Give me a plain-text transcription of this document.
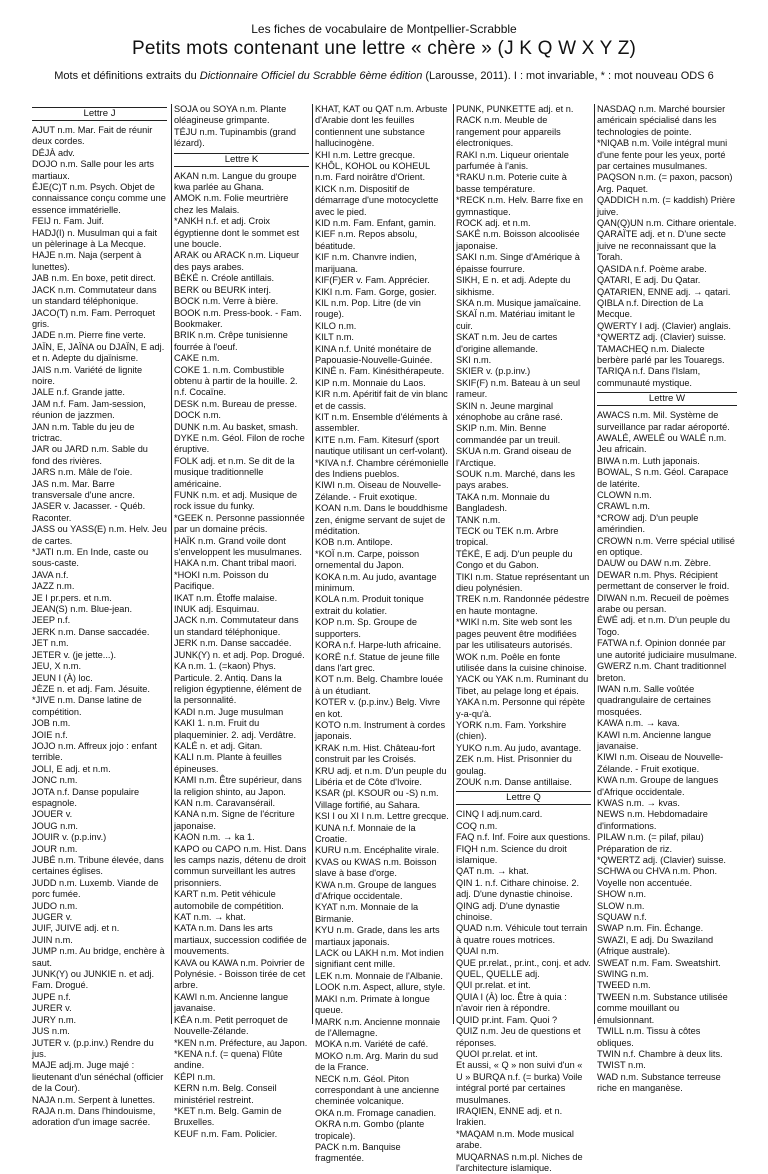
Les fiches de vocabulaire de Montpellier-Scrabble
Petits mots contenant une lettre « chère » (J K Q W X Y Z)
Mots et définitions extraits du Dictionnaire Officiel du Scrabble 6ème édition (Larousse, 2011). I : mot invariable, * : mot nouveau ODS 6
Lettre J
AJUT n.m. Mar. Fait de réunir deux cordes.
DÉJÀ adv.
DOJO n.m. Salle pour les arts martiaux.
ÉJE(C)T n.m. Psych. Objet de connaissance conçu comme une essence immatérielle.
FEIJ n. Fam. Juif.
HADJ(I) n. Musulman qui a fait un pèlerinage à La Mecque.
HAJE n.m. Naja (serpent à lunettes).
JAB n.m. En boxe, petit direct.
JACK n.m. Commutateur dans un standard téléphonique.
JACO(T) n.m. Fam. Perroquet gris.
JADE n.m. Pierre fine verte.
JAÏN, E, JAÏNA ou DJAÏN, E adj. et n. Adepte du djaïnisme.
JAIS n.m. Variété de lignite noire.
JALE n.f. Grande jatte.
JAM n.f. Fam. Jam-session, réunion de jazzmen.
JAN n.m. Table du jeu de trictrac.
JAR ou JARD n.m. Sable du fond des rivières.
JARS n.m. Mâle de l'oie.
JAS n.m. Mar. Barre transversale d'une ancre.
JASER v. Jacasser. - Québ. Raconter.
JASS ou YASS(E) n.m. Helv. Jeu de cartes.
*JATI n.m. En Inde, caste ou sous-caste.
JAVA n.f.
JAZZ n.m.
JE I pr.pers. et n.m.
JEAN(S) n.m. Blue-jean.
JEEP n.f.
JERK n.m. Danse saccadée.
JET n.m.
JETER v. (je jette...).
JEU, X n.m.
JEUN I (À) loc.
JÈZE n. et adj. Fam. Jésuite.
*JIVE n.m. Danse latine de compétition.
JOB n.m.
JOIE n.f.
JOJO n.m. Affreux jojo : enfant terrible.
JOLI, E adj. et n.m.
JONC n.m.
JOTA n.f. Danse populaire espagnole.
JOUER v.
JOUG n.m.
JOUIR v. (p.p.inv.)
JOUR n.m.
JUBÉ n.m. Tribune élevée, dans certaines églises.
JUDD n.m. Luxemb. Viande de porc fumée.
JUDO n.m.
JUGER v.
JUIF, JUIVE adj. et n.
JUIN n.m.
JUMP n.m. Au bridge, enchère à saut.
JUNK(Y) ou JUNKIE n. et adj. Fam. Drogué.
JUPE n.f.
JURER v.
JURY n.m.
JUS n.m.
JUTER v. (p.p.inv.) Rendre du jus.
MAJE adj.m. Juge majé : lieutenant d'un sénéchal (officier de la Cour).
NAJA n.m. Serpent à lunettes.
RAJA n.m. Dans l'hindouisme, adoration d'un image sacrée.
SOJA ou SOYA n.m. Plante oléagineuse grimpante.
TÉJU n.m. Tupinambis (grand lézard).
Lettre K
AKAN n.m. Langue du groupe kwa parlée au Ghana.
AMOK n.m. Folie meurtrière chez les Malais.
*ANKH n.f. et adj. Croix égyptienne dont le sommet est une boucle.
ARAK ou ARACK n.m. Liqueur des pays arabes.
BÈKÉ n. Créole antillais.
BERK ou BEURK interj.
BOCK n.m. Verre à bière.
BOOK n.m. Press-book. - Fam. Bookmaker.
BRIK n.m. Crêpe tunisienne fourrée à l'oeuf.
CAKE n.m.
COKE 1. n.m. Combustible obtenu à partir de la houille. 2. n.f. Cocaïne.
DESK n.m. Bureau de presse.
DOCK n.m.
DUNK n.m. Au basket, smash.
DYKE n.m. Géol. Filon de roche éruptive.
FOLK adj. et n.m. Se dit de la musique traditionnelle américaine.
FUNK n.m. et adj. Musique de rock issue du funky.
*GEEK n. Personne passionnée par un domaine précis.
HAÏK n.m. Grand voile dont s'enveloppent les musulmanes.
HAKA n.m. Chant tribal maori.
*HOKI n.m. Poisson du Pacifique.
IKAT n.m. Étoffe malaise.
INUK adj. Esquimau.
JACK n.m. Commutateur dans un standard téléphonique.
JERK n.m. Danse saccadée.
JUNK(Y) n. et adj. Pop. Drogué.
KA n.m. 1. (=kaon) Phys. Particule. 2. Antiq. Dans la religion égyptienne, élément de la personnalité.
KADI n.m. Juge musulman
KAKI 1. n.m. Fruit du plaqueminier. 2. adj. Verdâtre.
KALÉ n. et adj. Gitan.
KALI n.m. Plante à feuilles épineuses.
KAMI n.m. Être supérieur, dans la religion shinto, au Japon.
KAN n.m. Caravansérail.
KANA n.m. Signe de l'écriture japonaise.
KAON n.m. → ka 1.
KAPO ou CAPO n.m. Hist. Dans les camps nazis, détenu de droit commun surveillant les autres prisonniers.
KART n.m. Petit véhicule automobile de compétition.
KAT n.m. → khat.
KATA n.m. Dans les arts martiaux, succession codifiée de mouvements.
KAVA ou KAWA n.m. Poivrier de Polynésie. - Boisson tirée de cet arbre.
KAWI n.m. Ancienne langue javanaise.
KÉA n.m. Petit perroquet de Nouvelle-Zélande.
*KEN n.m. Préfecture, au Japon.
*KENA n.f. (= quena) Flûte andine.
KÉPI n.m.
KERN n.m. Belg. Conseil ministériel restreint.
*KET n.m. Belg. Gamin de Bruxelles.
KEUF n.m. Fam. Policier.
KHAT, KAT ou QAT n.m. Arbuste d'Arabie dont les feuilles contiennent une substance hallucinogène.
KHI n.m. Lettre grecque.
KHÔL, KOHOL ou KOHEUL n.m. Fard noirâtre d'Orient.
KICK n.m. Dispositif de démarrage d'une motocyclette avec le pied.
KID n.m. Fam. Enfant, gamin.
KIEF n.m. Repos absolu, béatitude.
KIF n.m. Chanvre indien, marijuana.
KIF(F)ER v. Fam. Apprécier.
KIKI n.m. Fam. Gorge, gosier.
KIL n.m. Pop. Litre (de vin rouge).
KILO n.m.
KILT n.m.
KINA n.f. Unité monétaire de Papouasie-Nouvelle-Guinée.
KINÉ n. Fam. Kinésithérapeute.
KIP n.m. Monnaie du Laos.
KIR n.m. Apéritif fait de vin blanc et de cassis.
KIT n.m. Ensemble d'éléments à assembler.
KITE n.m. Fam. Kitesurf (sport nautique utilisant un cerf-volant).
*KIVA n.f. Chambre cérémonielle des Indiens pueblos.
KIWI n.m. Oiseau de Nouvelle-Zélande. - Fruit exotique.
KOAN n.m. Dans le bouddhisme zen, énigme servant de sujet de méditation.
KOB n.m. Antilope.
*KOÏ n.m. Carpe, poisson ornemental du Japon.
KOKA n.m. Au judo, avantage minimum.
KOLA n.m. Produit tonique extrait du kolatier.
KOP n.m. Sp. Groupe de supporters.
KORA n.f. Harpe-luth africaine.
KORÉ n.f. Statue de jeune fille dans l'art grec.
KOT n.m. Belg. Chambre louée à un étudiant.
KOTER v. (p.p.inv.) Belg. Vivre en kot.
KOTO n.m. Instrument à cordes japonais.
KRAK n.m. Hist. Château-fort construit par les Croisés.
KRU adj. et n.m. D'un peuple du Libéria et de Côte d'Ivoire.
KSAR (pl. KSOUR ou -S) n.m. Village fortifié, au Sahara.
KSI I ou XI I n.m. Lettre grecque.
KUNA n.f. Monnaie de la Croatie.
KURU n.m. Encéphalite virale.
KVAS ou KWAS n.m. Boisson slave à base d'orge.
KWA n.m. Groupe de langues d'Afrique occidentale.
KYAT n.m. Monnaie de la Birmanie.
KYU n.m. Grade, dans les arts martiaux japonais.
LACK ou LAKH n.m. Mot indien signifiant cent mille.
LEK n.m. Monnaie de l'Albanie.
LOOK n.m. Aspect, allure, style.
MAKI n.m. Primate à longue queue.
MARK n.m. Ancienne monnaie de l'Allemagne.
MOKA n.m. Variété de café.
MOKO n.m. Arg. Marin du sud de la France.
NECK n.m. Géol. Piton correspondant à une ancienne cheminée volcanique.
OKA n.m. Fromage canadien.
OKRA n.m. Gombo (plante tropicale).
PACK n.m. Banquise fragmentée.
PUNK, PUNKETTE adj. et n.
RACK n.m. Meuble de rangement pour appareils électroniques.
RAKI n.m. Liqueur orientale parfumée à l'anis.
*RAKU n.m. Poterie cuite à basse température.
*RECK n.m. Helv. Barre fixe en gymnastique.
ROCK adj. et n.m.
SAKÉ n.m. Boisson alcoolisée japonaise.
SAKI n.m. Singe d'Amérique à épaisse fourrure.
SIKH, E n. et adj. Adepte du sikhisme.
SKA n.m. Musique jamaïcaine.
SKAÏ n.m. Matériau imitant le cuir.
SKAT n.m. Jeu de cartes d'origine allemande.
SKI n.m.
SKIER v. (p.p.inv.)
SKIF(F) n.m. Bateau à un seul rameur.
SKIN n. Jeune marginal xénophobe au crâne rasé.
SKIP n.m. Min. Benne commandée par un treuil.
SKUA n.m. Grand oiseau de l'Arctique.
SOUK n.m. Marché, dans les pays arabes.
TAKA n.m. Monnaie du Bangladesh.
TANK n.m.
TECK ou TEK n.m. Arbre tropical.
TÉKÉ, E adj. D'un peuple du Congo et du Gabon.
TIKI n.m. Statue représentant un dieu polynésien.
TREK n.m. Randonnée pédestre en haute montagne.
*WIKI n.m. Site web sont les pages peuvent être modifiées par les utilisateurs autorisés.
WOK n.m. Poêle en fonte utilisée dans la cuisine chinoise.
YACK ou YAK n.m. Ruminant du Tibet, au pelage long et épais.
YAKA n.m. Personne qui répète y-a-qu'à.
YORK n.m. Fam. Yorkshire (chien).
YUKO n.m. Au judo, avantage.
ZEK n.m. Hist. Prisonnier du goulag.
ZOUK n.m. Danse antillaise.
Lettre Q
CINQ I adj.num.card.
COQ n.m.
FAQ n.f. Inf. Foire aux questions.
FIQH n.m. Science du droit islamique.
QAT n.m. → khat.
QIN 1. n.f. Cithare chinoise. 2. adj. D'une dynastie chinoise.
QING adj. D'une dynastie chinoise.
QUAD n.m. Véhicule tout terrain à quatre roues motrices.
QUAI n.m.
QUE pr.relat., pr.int., conj. et adv.
QUEL, QUELLE adj.
QUI pr.relat. et int.
QUIA I (À) loc. Être à quia : n'avoir rien à répondre.
QUID pr.int. Fam. Quoi ?
QUIZ n.m. Jeu de questions et réponses.
QUOI pr.relat. et int.
Et aussi, « Q » non suivi d'un « U » BURQA n.f. (= burka) Voile intégral porté par certaines musulmanes.
IRAQIEN, ENNE adj. et n. Irakien.
*MAQAM n.m. Mode musical arabe.
MUQARNAS n.m.pl. Niches de l'architecture islamique.
NASDAQ n.m. Marché boursier américain spécialisé dans les technologies de pointe.
*NIQAB n.m. Voile intégral muni d'une fente pour les yeux, porté par certaines musulmanes.
PAQSON n.m. (= paxon, pacson) Arg. Paquet.
QADDICH n.m. (= kaddish) Prière juive.
QAN(Q)UN n.m. Cithare orientale.
QARAÏTE adj. et n. D'une secte juive ne reconnaissant que la Torah.
QASIDA n.f. Poème arabe.
QATARI, E adj. Du Qatar.
QATARIEN, ENNE adj. → qatari.
QIBLA n.f. Direction de La Mecque.
QWERTY I adj. (Clavier) anglais.
*QWERTZ adj. (Clavier) suisse.
TAMACHEQ n.m. Dialecte berbère parlé par les Touaregs.
TARIQA n.f. Dans l'Islam, communauté mystique.
Lettre W
AWACS n.m. Mil. Système de surveillance par radar aéroporté.
AWALÉ, AWELÉ ou WALÉ n.m. Jeu africain.
BIWA n.m. Luth japonais.
BOWAL, S n.m. Géol. Carapace de latérite.
CLOWN n.m.
CRAWL n.m.
*CROW adj. D'un peuple amérindien.
CROWN n.m. Verre spécial utilisé en optique.
DAUW ou DAW n.m. Zèbre.
DEWAR n.m. Phys. Récipient permettant de conserver le froid.
DIWAN n.m. Recueil de poèmes arabe ou persan.
ÉWÉ adj. et n.m. D'un peuple du Togo.
FATWA n.f. Opinion donnée par une autorité judiciaire musulmane.
GWERZ n.m. Chant traditionnel breton.
IWAN n.m. Salle voûtée quadrangulaire de certaines mosquées.
KAWA n.m. → kava.
KAWI n.m. Ancienne langue javanaise.
KIWI n.m. Oiseau de Nouvelle-Zélande. - Fruit exotique.
KWA n.m. Groupe de langues d'Afrique occidentale.
KWAS n.m. → kvas.
NEWS n.m. Hebdomadaire d'informations.
PILAW n.m. (= pilaf, pilau) Préparation de riz.
*QWERTZ adj. (Clavier) suisse.
SCHWA ou CHVA n.m. Phon. Voyelle non accentuée.
SHOW n.m.
SLOW n.m.
SQUAW n.f.
SWAP n.m. Fin. Échange.
SWAZI, E adj. Du Swaziland (Afrique australe).
SWEAT n.m. Fam. Sweatshirt.
SWING n.m.
TWEED n.m.
TWEEN n.m. Substance utilisée comme mouillant ou émulsionnant.
TWILL n.m. Tissu à côtes obliques.
TWIN n.f. Chambre à deux lits.
TWIST n.m.
WAD n.m. Substance terreuse riche en manganèse.
